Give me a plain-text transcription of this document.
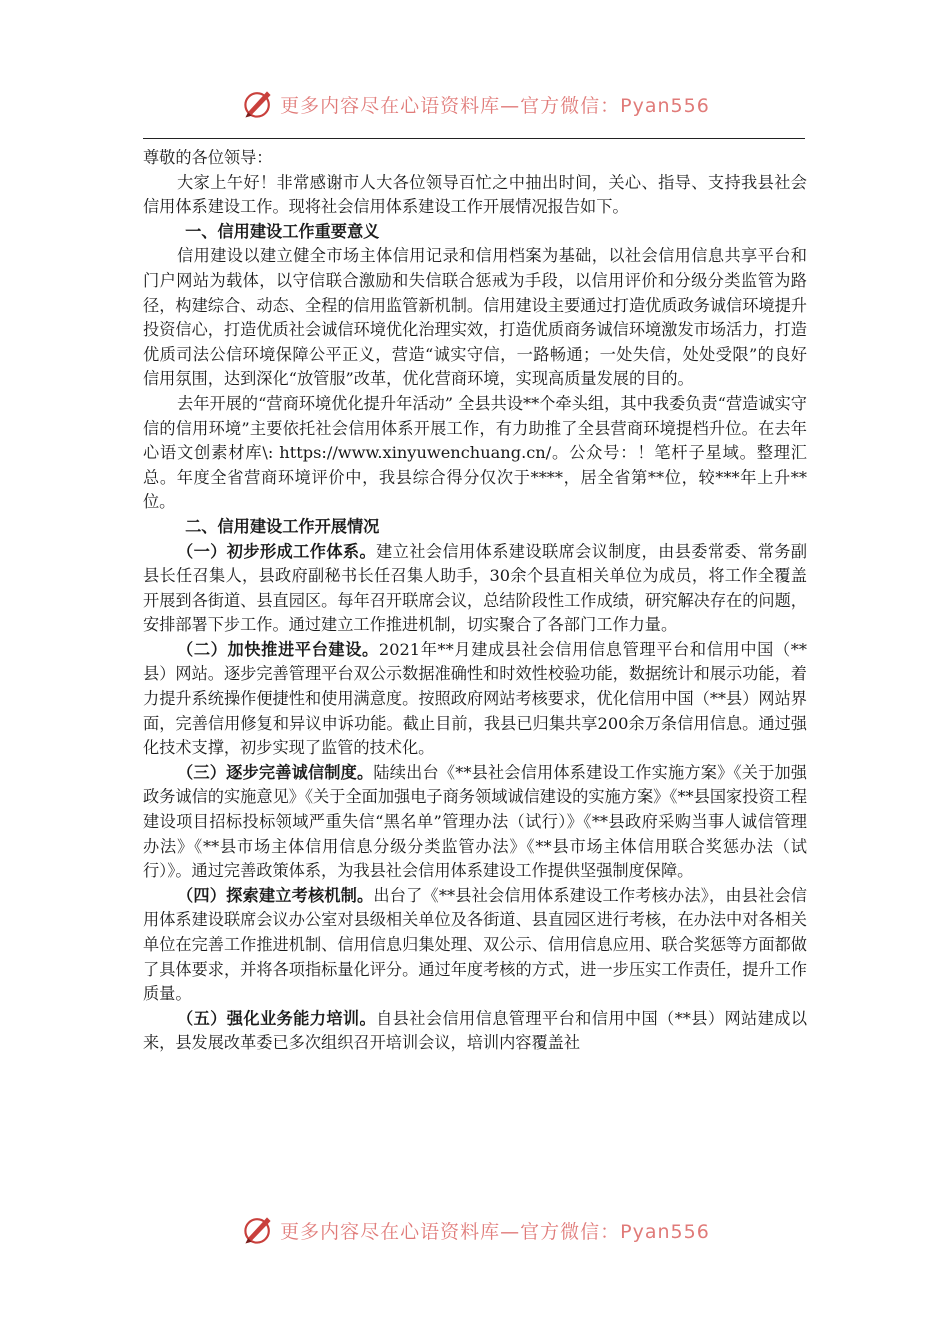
更多内容尽在心语资料库—官方微信：Pyan556

尊敬的各位领导：

大家上午好！非常感谢市人大各位领导百忙之中抽出时间，关心、指导、支持我县社会信用体系建设工作。现将社会信用体系建设工作开展情况报告如下。

一、信用建设工作重要意义

信用建设以建立健全市场主体信用记录和信用档案为基础，以社会信用信息共享平台和门户网站为载体，以守信联合激励和失信联合惩戒为手段，以信用评价和分级分类监管为路径，构建综合、动态、全程的信用监管新机制。信用建设主要通过打造优质政务诚信环境提升投资信心，打造优质社会诚信环境优化治理实效，打造优质商务诚信环境激发市场活力，打造优质司法公信环境保障公平正义，营造“诚实守信，一路畅通；一处失信，处处受限”的良好信用氛围，达到深化“放管服”改革，优化营商环境，实现高质量发展的目的。

去年开展的“营商环境优化提升年活动” 全县共设**个牵头组，其中我委负责“营造诚实守信的信用环境”主要依托社会信用体系开展工作，有力助推了全县营商环境提档升位。在去年心语文创素材库\: https://www.xinyuwenchuang.cn/。公众号：！笔杆子星域。整理汇总。年度全省营商环境评价中，我县综合得分仅次于****，居全省第**位，较***年上升**位。

二、信用建设工作开展情况

（一）初步形成工作体系。建立社会信用体系建设联席会议制度，由县委常委、常务副县长任召集人，县政府副秘书长任召集人助手，30余个县直相关单位为成员，将工作全覆盖开展到各街道、县直园区。每年召开联席会议，总结阶段性工作成绩，研究解决存在的问题，安排部署下步工作。通过建立工作推进机制，切实聚合了各部门工作力量。

（二）加快推进平台建设。2021年**月建成县社会信用信息管理平台和信用中国（**县）网站。逐步完善管理平台双公示数据准确性和时效性校验功能，数据统计和展示功能，着力提升系统操作便捷性和使用满意度。按照政府网站考核要求，优化信用中国（**县）网站界面，完善信用修复和异议申诉功能。截止目前，我县已归集共享200余万条信用信息。通过强化技术支撑，初步实现了监管的技术化。

（三）逐步完善诚信制度。陆续出台《**县社会信用体系建设工作实施方案》《关于加强政务诚信的实施意见》《关于全面加强电子商务领域诚信建设的实施方案》《**县国家投资工程建设项目招标投标领域严重失信“黑名单”管理办法（试行）》《**县政府采购当事人诚信管理办法》《**县市场主体信用信息分级分类监管办法》《**县市场主体信用联合奖惩办法（试行）》。通过完善政策体系，为我县社会信用体系建设工作提供坚强制度保障。

（四）探索建立考核机制。出台了《**县社会信用体系建设工作考核办法》，由县社会信用体系建设联席会议办公室对县级相关单位及各街道、县直园区进行考核，在办法中对各相关单位在完善工作推进机制、信用信息归集处理、双公示、信用信息应用、联合奖惩等方面都做了具体要求，并将各项指标量化评分。通过年度考核的方式，进一步压实工作责任，提升工作质量。

（五）强化业务能力培训。自县社会信用信息管理平台和信用中国（**县）网站建成以来，县发展改革委已多次组织召开培训会议，培训内容覆盖社

更多内容尽在心语资料库—官方微信：Pyan556
